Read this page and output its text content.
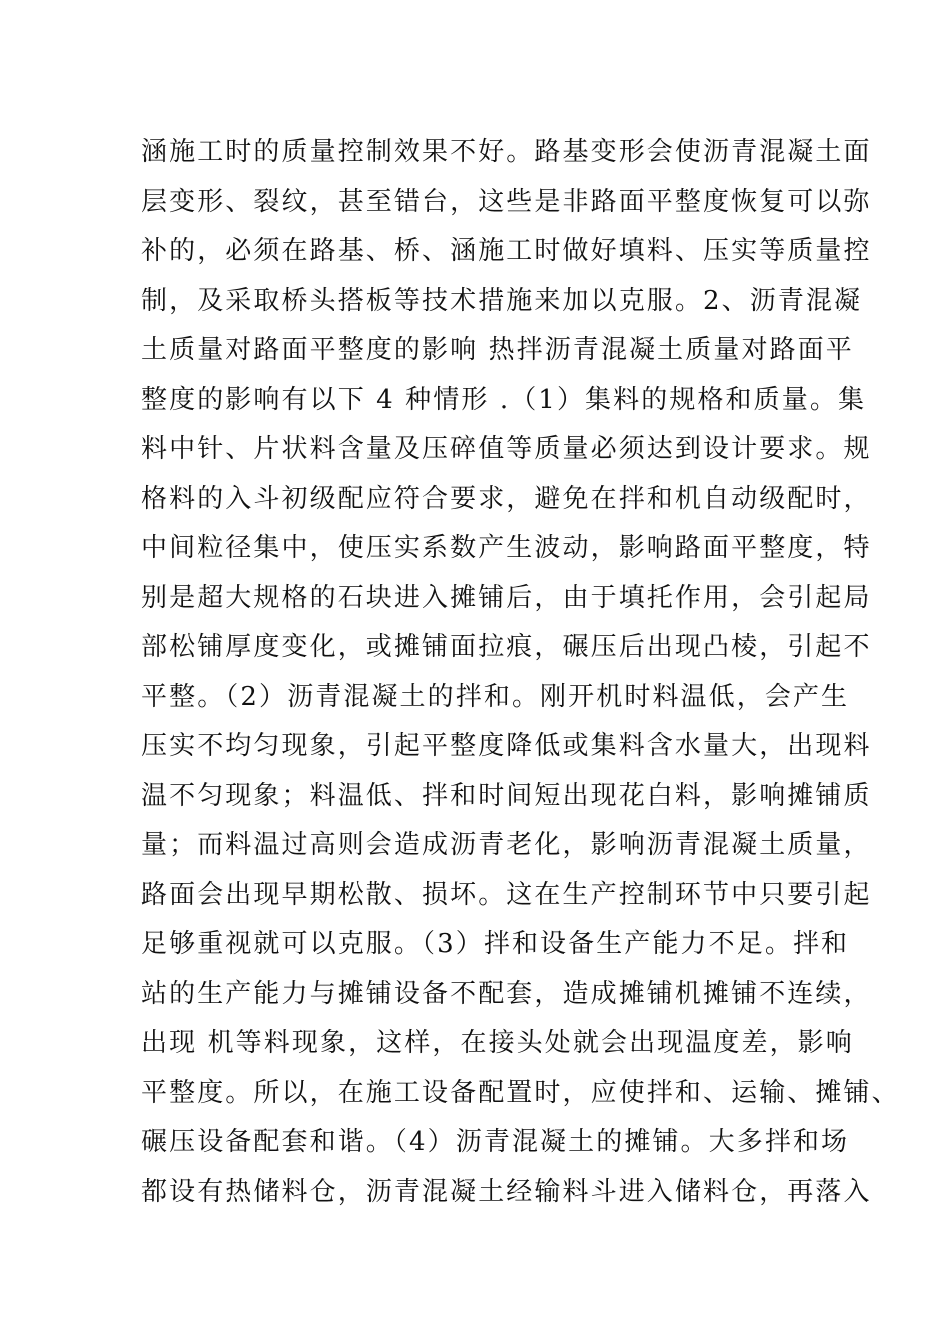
涵施工时的质量控制效果不好。路基变形会使沥青混凝土面
层变形、裂纹，甚至错台，这些是非路面平整度恢复可以弥
补的，必须在路基、桥、涵施工时做好填料、压实等质量控
制，及采取桥头搭板等技术措施来加以克服。2、沥青混凝
土质量对路面平整度的影响 热拌沥青混凝土质量对路面平
整度的影响有以下 4 种情形 .（1）集料的规格和质量。集
料中针、片状料含量及压碎值等质量必须达到设计要求。规
格料的入斗初级配应符合要求，避免在拌和机自动级配时，
中间粒径集中，使压实系数产生波动，影响路面平整度，特
别是超大规格的石块进入摊铺后，由于填托作用，会引起局
部松铺厚度变化，或摊铺面拉痕，碾压后出现凸棱，引起不
平整。（2）沥青混凝土的拌和。刚开机时料温低，会产生
压实不均匀现象，引起平整度降低或集料含水量大，出现料
温不匀现象；料温低、拌和时间短出现花白料，影响摊铺质
量；而料温过高则会造成沥青老化，影响沥青混凝土质量，
路面会出现早期松散、损坏。这在生产控制环节中只要引起
足够重视就可以克服。（3）拌和设备生产能力不足。拌和
站的生产能力与摊铺设备不配套，造成摊铺机摊铺不连续，
出现 机等料现象，这样，在接头处就会出现温度差，影响
平整度。所以，在施工设备配置时，应使拌和、运输、摊铺、
碾压设备配套和谐。（4）沥青混凝土的摊铺。大多拌和场
都设有热储料仓，沥青混凝土经输料斗进入储料仓，再落入
